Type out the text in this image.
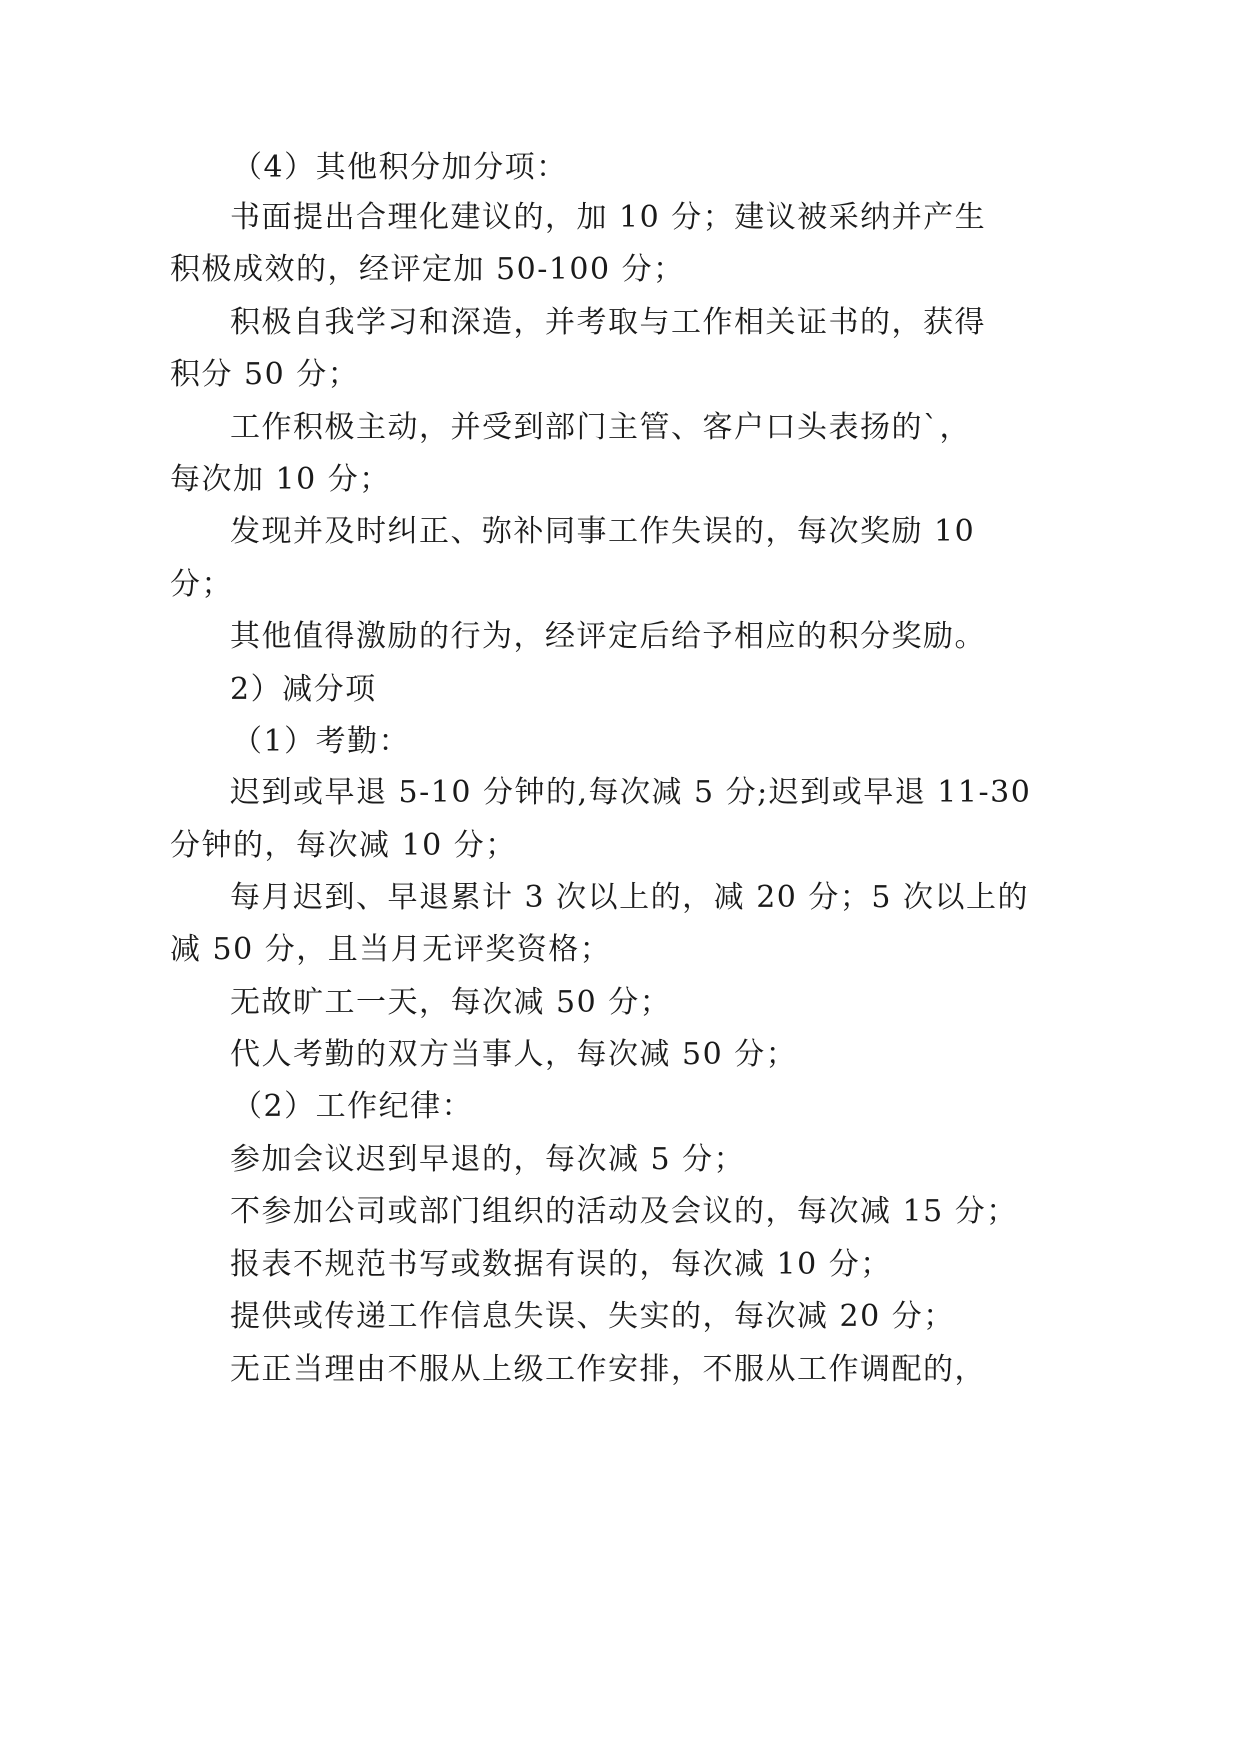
（4）其他积分加分项：
书面提出合理化建议的，加 10 分；建议被采纳并产生
积极成效的，经评定加 50-100 分；
积极自我学习和深造，并考取与工作相关证书的，获得
积分 50 分；
工作积极主动，并受到部门主管、客户口头表扬的`，
每次加 10 分；
发现并及时纠正、弥补同事工作失误的，每次奖励 10
分；
其他值得激励的行为，经评定后给予相应的积分奖励。
2）减分项
（1）考勤：
迟到或早退 5-10 分钟的,每次减 5 分;迟到或早退 11-30
分钟的，每次减 10 分；
每月迟到、早退累计 3 次以上的，减 20 分；5 次以上的
减 50 分，且当月无评奖资格；
无故旷工一天，每次减 50 分；
代人考勤的双方当事人，每次减 50 分；
（2）工作纪律：
参加会议迟到早退的，每次减 5 分；
不参加公司或部门组织的活动及会议的，每次减 15 分；
报表不规范书写或数据有误的，每次减 10 分；
提供或传递工作信息失误、失实的，每次减 20 分；
无正当理由不服从上级工作安排，不服从工作调配的，
